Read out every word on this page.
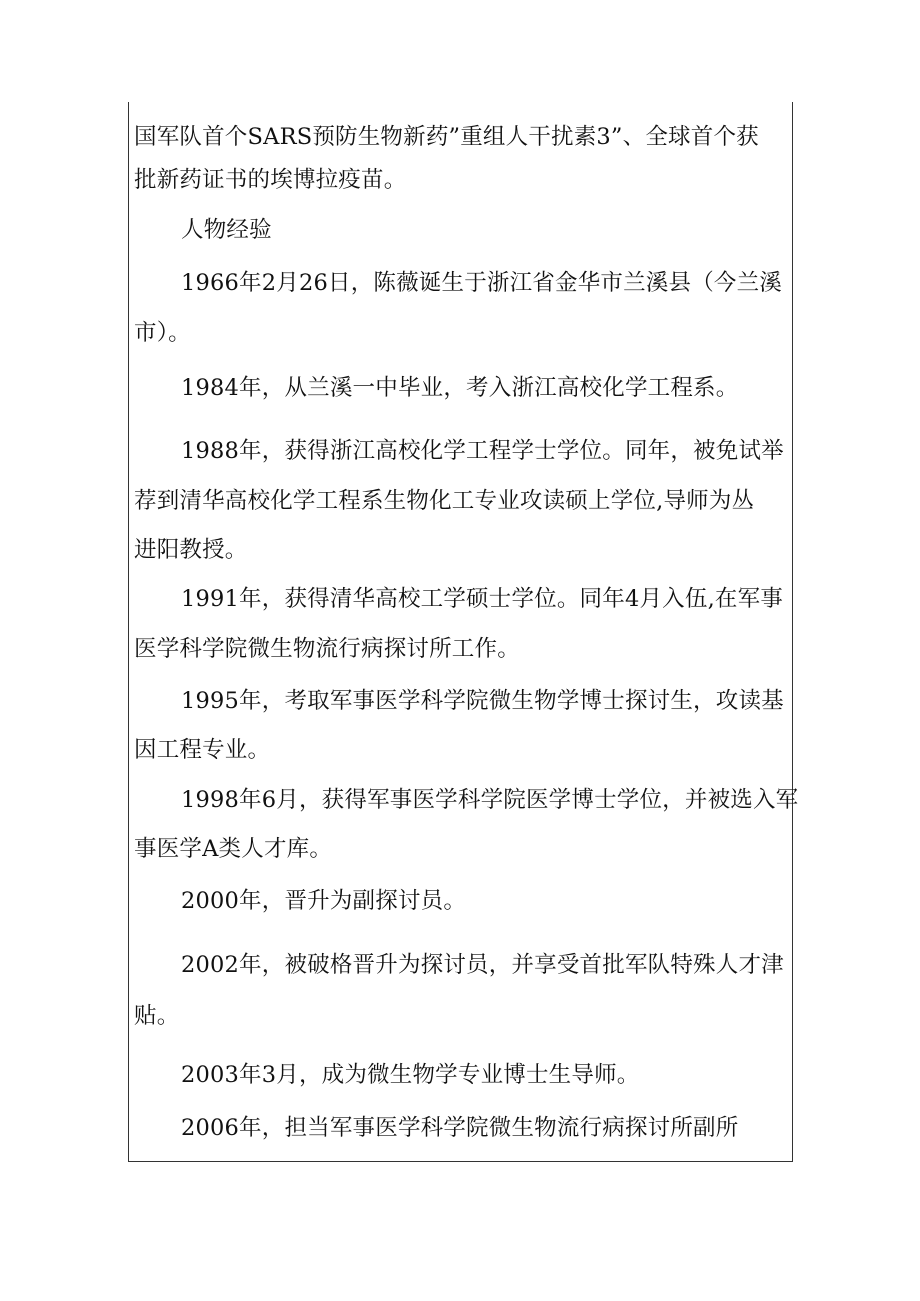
国军队首个SARS预防生物新药”重组人干扰素3”、全球首个获
批新药证书的埃博拉疫苗。
人物经验
1966年2月26日，陈薇诞生于浙江省金华市兰溪县（今兰溪
市）。
1984年，从兰溪一中毕业，考入浙江高校化学工程系。
1988年，获得浙江高校化学工程学士学位。同年，被免试举
荐到清华高校化学工程系生物化工专业攻读硕上学位,导师为丛
进阳教授。
1991年，获得清华高校工学硕士学位。同年4月入伍,在军事
医学科学院微生物流行病探讨所工作。
1995年，考取军事医学科学院微生物学博士探讨生，攻读基
因工程专业。
1998年6月，获得军事医学科学院医学博士学位，并被选入军
事医学A类人才库。
2000年，晋升为副探讨员。
2002年，被破格晋升为探讨员，并享受首批军队特殊人才津
贴。
2003年3月，成为微生物学专业博士生导师。
2006年，担当军事医学科学院微生物流行病探讨所副所
